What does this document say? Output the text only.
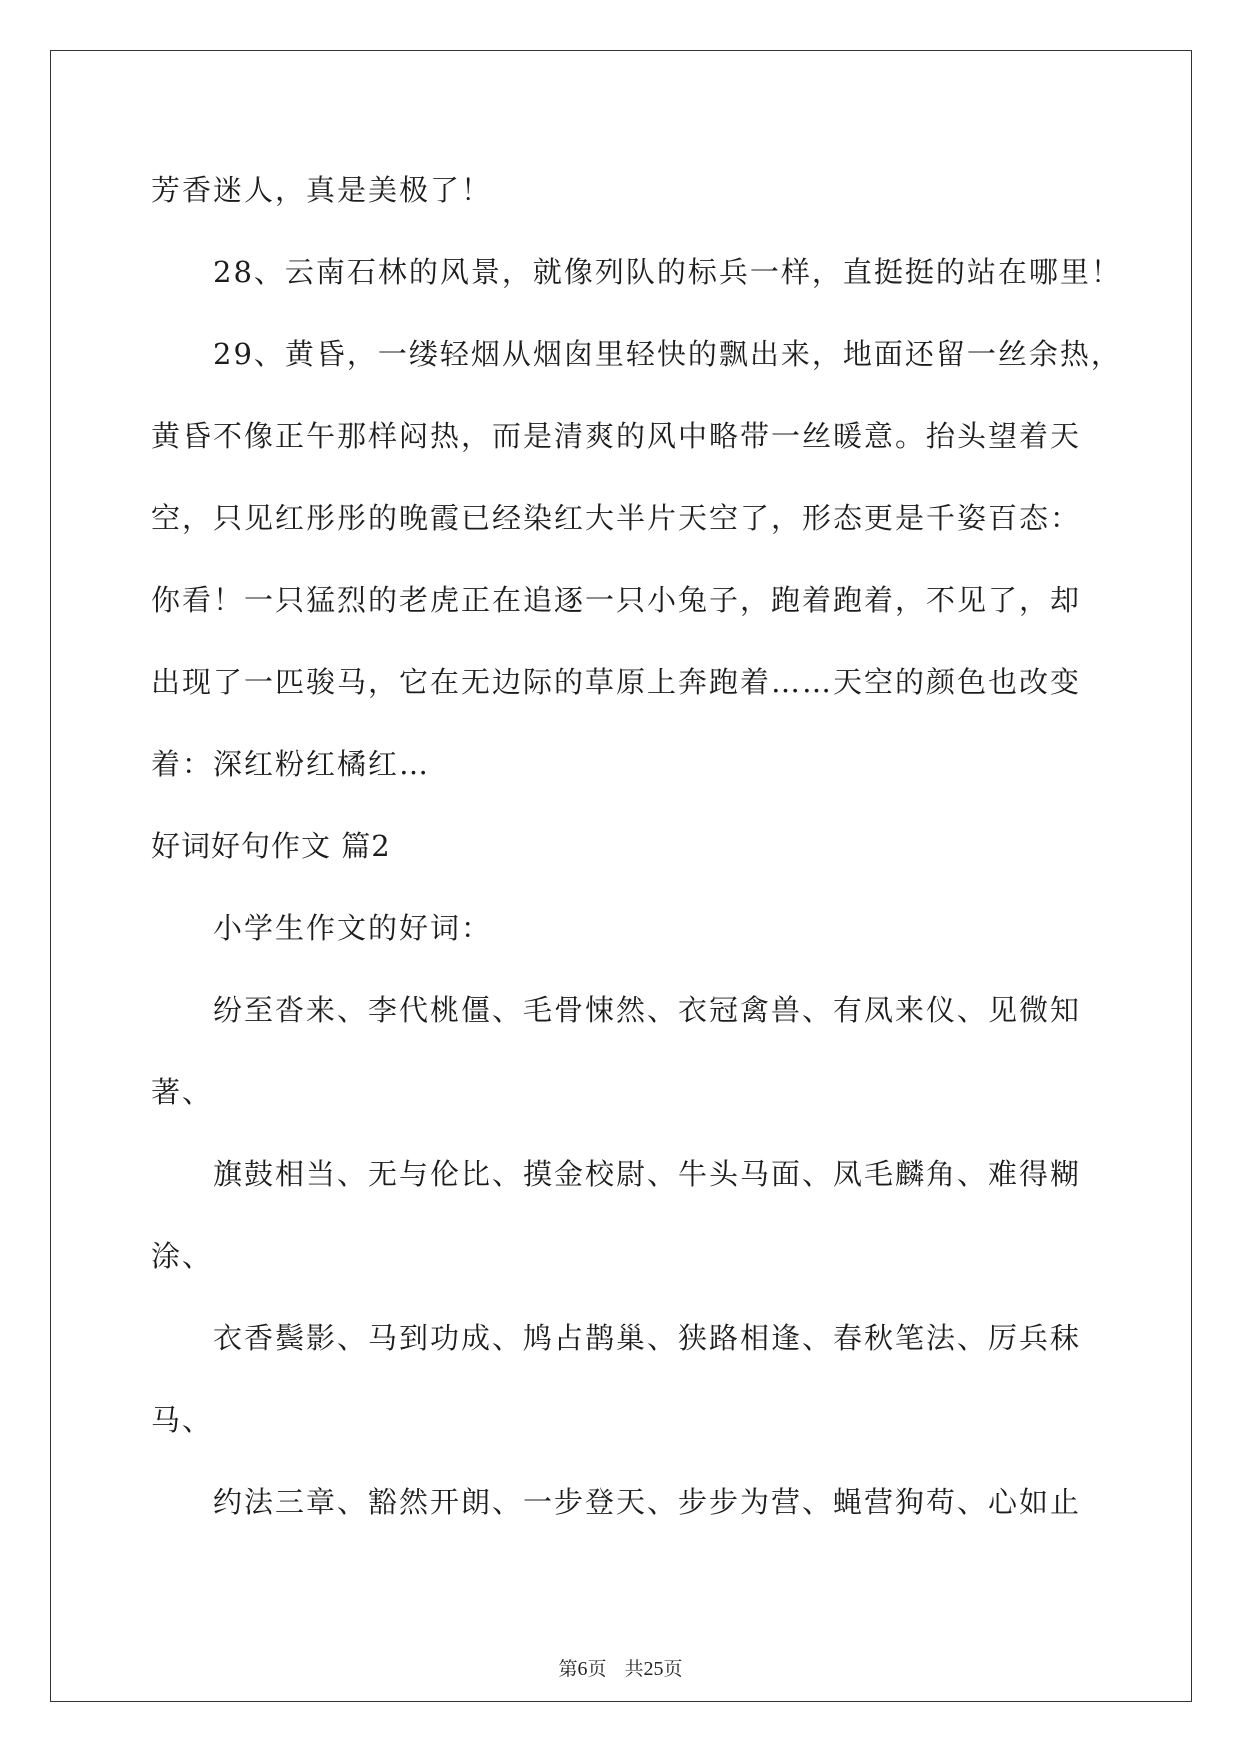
芳香迷人，真是美极了！
28、云南石林的风景，就像列队的标兵一样，直挺挺的站在哪里！
29、黄昏，一缕轻烟从烟囱里轻快的飘出来，地面还留一丝余热，
黄昏不像正午那样闷热，而是清爽的风中略带一丝暖意。抬头望着天
空，只见红彤彤的晚霞已经染红大半片天空了，形态更是千姿百态：
你看！一只猛烈的老虎正在追逐一只小兔子，跑着跑着，不见了，却
出现了一匹骏马，它在无边际的草原上奔跑着……天空的颜色也改变
着：深红粉红橘红…
好词好句作文 篇2
小学生作文的好词：
纷至沓来、李代桃僵、毛骨悚然、衣冠禽兽、有凤来仪、见微知
著、
旗鼓相当、无与伦比、摸金校尉、牛头马面、凤毛麟角、难得糊
涂、
衣香鬓影、马到功成、鸠占鹊巢、狭路相逢、春秋笔法、厉兵秣
马、
约法三章、豁然开朗、一步登天、步步为营、蝇营狗苟、心如止
第6页 共25页
